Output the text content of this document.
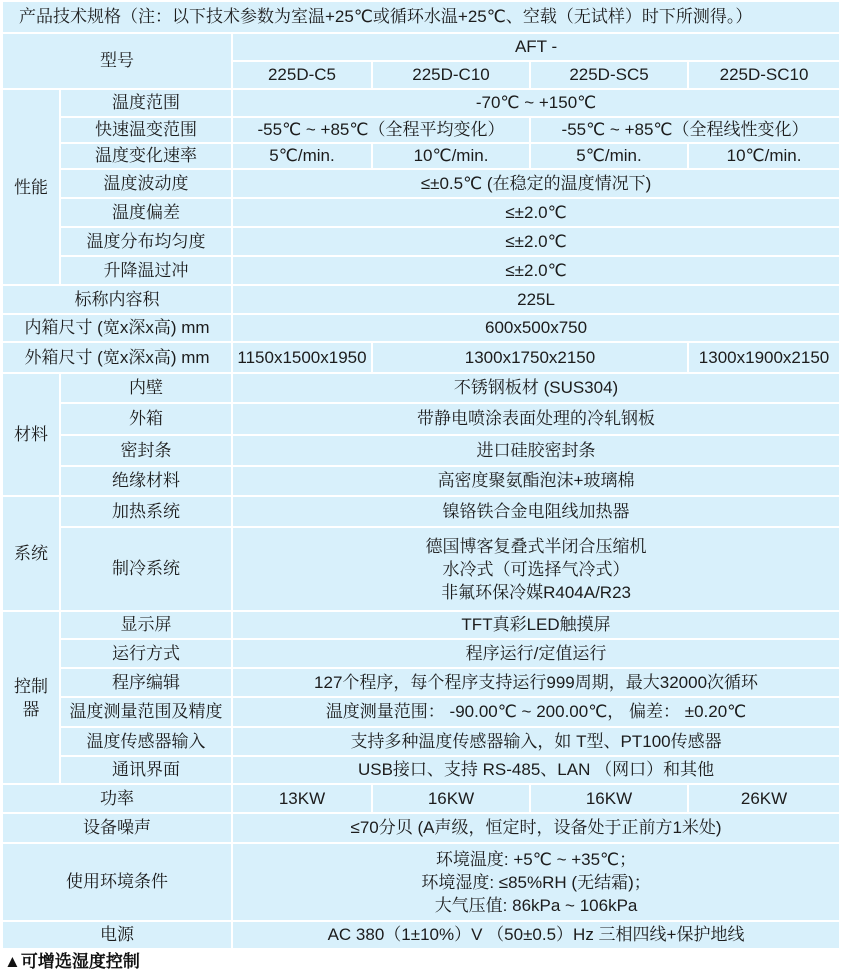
产品技术规格（注：以下技术参数为室温+25℃或循环水温+25℃、空载（无试样）时下所测得。）					
型号		AFT -			
		225D-C5	225D-C10	225D-SC5	225D-SC10
性能	温度范围	-70℃ ~ +150℃			
	快速温变范围	-55℃ ~ +85℃（全程平均变化）		-55℃ ~ +85℃（全程线性变化）	
	温度变化速率	5℃/min.	10℃/min.	5℃/min.	10℃/min.
	温度波动度	≤±0.5℃ (在稳定的温度情况下)			
	温度偏差	≤±2.0℃			
	温度分布均匀度	≤±2.0℃			
	升降温过冲	≤±2.0℃			
标称内容积		225L			
内箱尺寸 (宽x深x高) mm		600x500x750			
外箱尺寸 (宽x深x高) mm		1150x1500x1950	1300x1750x2150		1300x1900x2150
材料	内壁	不锈钢板材 (SUS304)			
	外箱	带静电喷涂表面处理的冷轧钢板			
	密封条	进口硅胶密封条			
	绝缘材料	高密度聚氨酯泡沫+玻璃棉			
系统	加热系统	镍铬铁合金电阻线加热器			
	制冷系统	德国博客复叠式半闭合压缩机
水冷式（可选择气冷式）
非氟环保冷媒R404A/R23			

控制器	显示屏	TFT真彩LED触摸屏			
	运行方式	程序运行/定值运行			
	程序编辑	127个程序，每个程序支持运行999周期，最大32000次循环			
	温度测量范围及精度	温度测量范围： -90.00℃ ~ 200.00℃， 偏差： ±0.20℃			
	温度传感器输入	支持多种温度传感器输入，如 T型、PT100传感器			
	通讯界面	USB接口、支持 RS-485、LAN （网口）和其他			
功率		13KW	16KW	16KW	26KW
设备噪声		≤70分贝 (A声级，恒定时，设备处于正前方1米处)			
使用环境条件		环境温度: +5℃ ~ +35℃；
环境湿度: ≤85%RH (无结霜)；
大气压值: 86kPa ~ 106kPa			

电源		AC 380（1±10%）V （50±0.5）Hz 三相四线+保护地线			
▲可增选湿度控制
